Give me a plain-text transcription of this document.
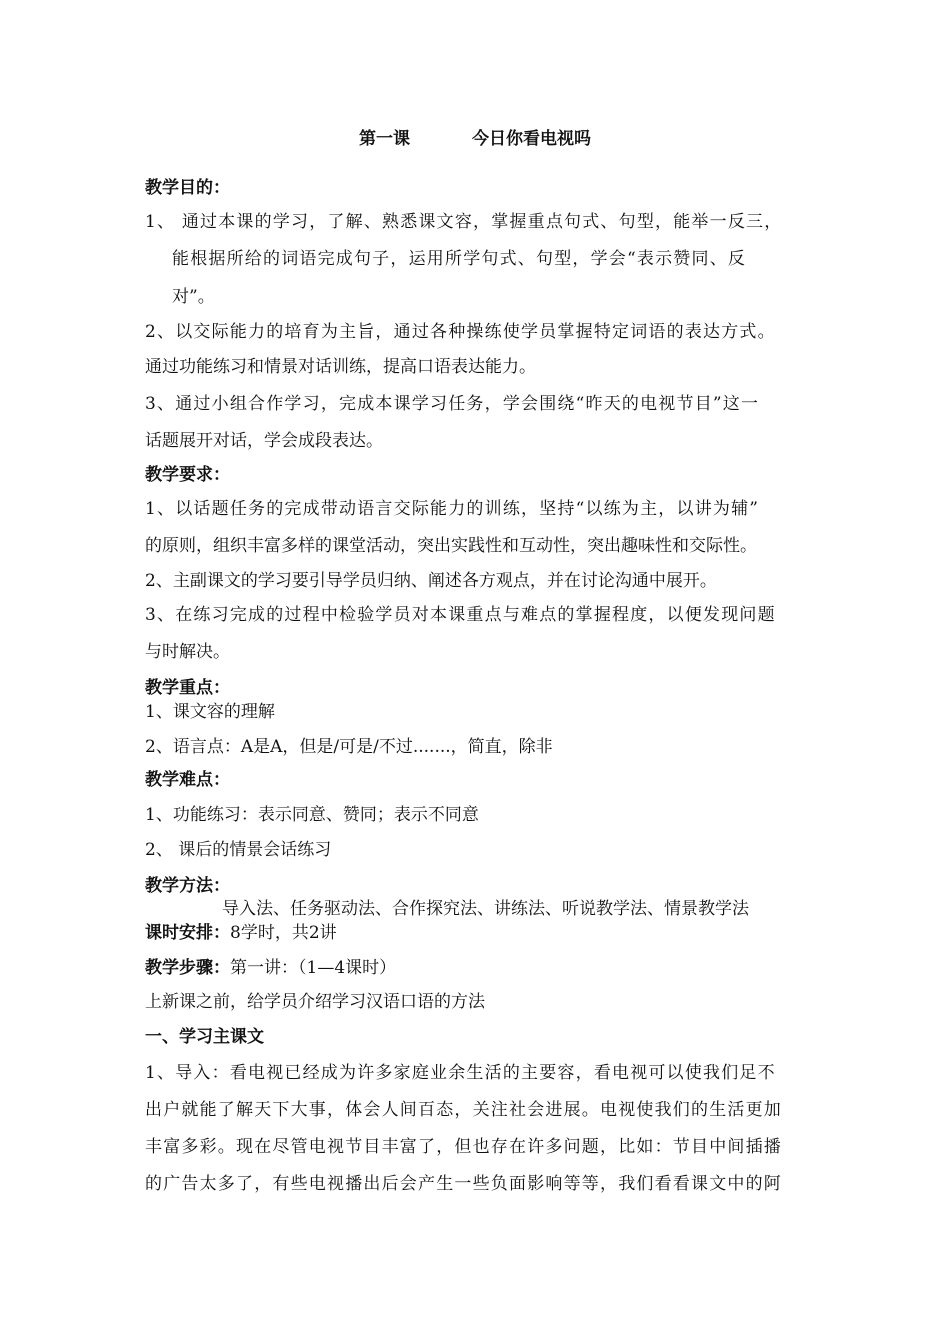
第一课	今日你看电视吗
教学目的：
1、 通过本课的学习，了解、熟悉课文容，掌握重点句式、句型，能举一反三，
能根据所给的词语完成句子，运用所学句式、句型，学会“表示赞同、反
对”。
2、以交际能力的培育为主旨，通过各种操练使学员掌握特定词语的表达方式。
通过功能练习和情景对话训练，提高口语表达能力。
3、通过小组合作学习，完成本课学习任务，学会围绕“昨天的电视节目”这一
话题展开对话，学会成段表达。
教学要求：
1、以话题任务的完成带动语言交际能力的训练，坚持“以练为主，以讲为辅”
的原则，组织丰富多样的课堂活动，突出实践性和互动性，突出趣味性和交际性。
2、主副课文的学习要引导学员归纳、阐述各方观点，并在讨论沟通中展开。
3、在练习完成的过程中检验学员对本课重点与难点的掌握程度，以便发现问题
与时解决。
教学重点：
1、课文容的理解
2、语言点：A是A，但是/可是/不过.......，简直，除非
教学难点：
1、功能练习：表示同意、赞同；表示不同意
2、 课后的情景会话练习
教学方法：
导入法、任务驱动法、合作探究法、讲练法、听说教学法、情景教学法
课时安排：8学时，共2讲
教学步骤：第一讲：（1—4课时）
上新课之前，给学员介绍学习汉语口语的方法
一、学习主课文
1、导入：看电视已经成为许多家庭业余生活的主要容，看电视可以使我们足不
出户就能了解天下大事，体会人间百态，关注社会进展。电视使我们的生活更加
丰富多彩。现在尽管电视节目丰富了，但也存在许多问题，比如：节目中间插播
的广告太多了，有些电视播出后会产生一些负面影响等等，我们看看课文中的阿
